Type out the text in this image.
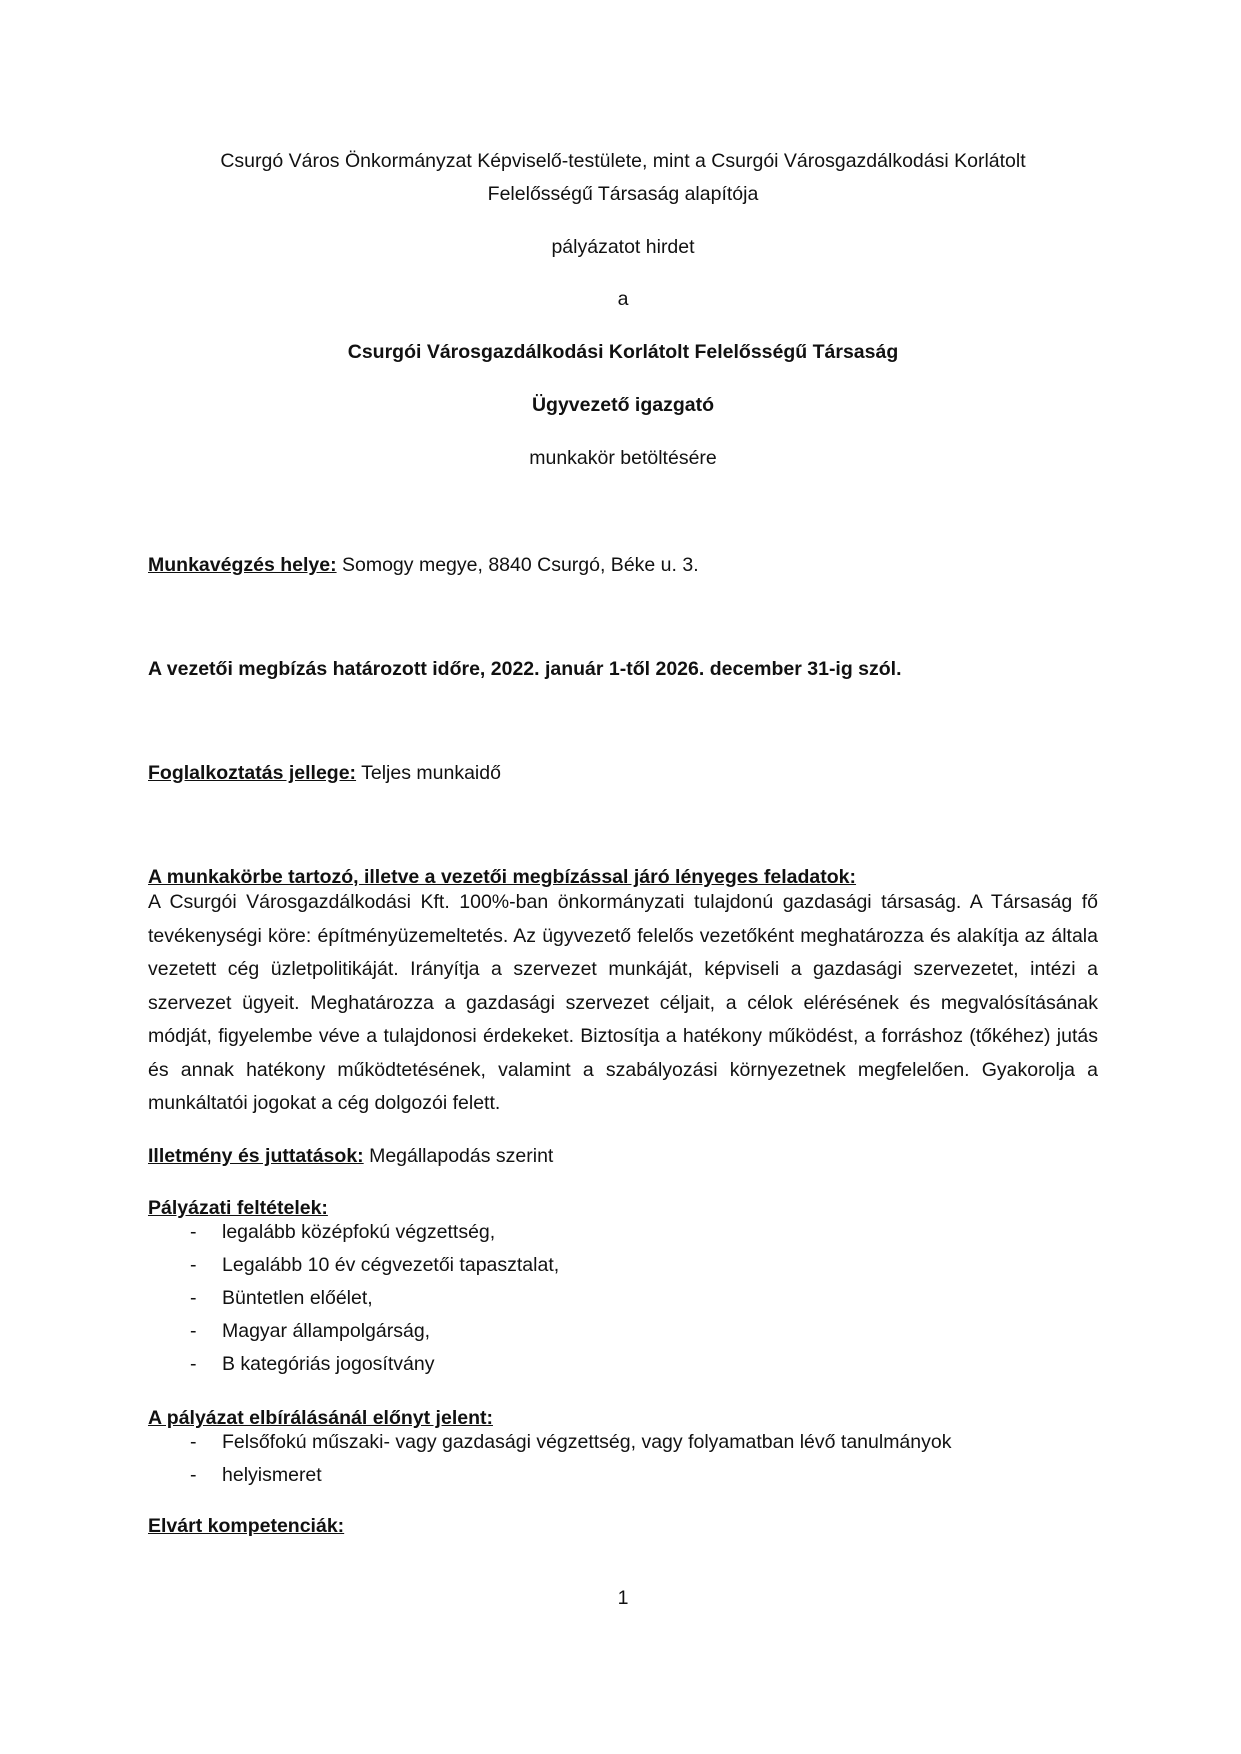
Csurgó Város Önkormányzat Képviselő-testülete, mint a Csurgói Városgazdálkodási Korlátolt
Felelősségű Társaság alapítója
pályázatot hirdet
a
Csurgói Városgazdálkodási Korlátolt Felelősségű Társaság
Ügyvezető igazgató
munkakör betöltésére
Munkavégzés helye: Somogy megye, 8840 Csurgó, Béke u. 3.
A vezetői megbízás határozott időre, 2022. január 1-től 2026. december 31-ig szól.
Foglalkoztatás jellege: Teljes munkaidő
A munkakörbe tartozó, illetve a vezetői megbízással járó lényeges feladatok:
A Csurgói Városgazdálkodási Kft. 100%-ban önkormányzati tulajdonú gazdasági társaság. A Társaság fő tevékenységi köre: építményüzemeltetés. Az ügyvezető felelős vezetőként meghatározza és alakítja az általa vezetett cég üzletpolitikáját. Irányítja a szervezet munkáját, képviseli a gazdasági szervezetet, intézi a szervezet ügyeit. Meghatározza a gazdasági szervezet céljait, a célok elérésének és megvalósításának módját, figyelembe véve a tulajdonosi érdekeket. Biztosítja a hatékony működést, a forráshoz (tőkéhez) jutás és annak hatékony működtetésének, valamint a szabályozási környezetnek megfelelően. Gyakorolja a munkáltatói jogokat a cég dolgozói felett.
Illetmény és juttatások: Megállapodás szerint
Pályázati feltételek:
- legalább középfokú végzettség,
- Legalább 10 év cégvezetői tapasztalat,
- Büntetlen előélet,
- Magyar állampolgárság,
- B kategóriás jogosítvány
A pályázat elbírálásánál előnyt jelent:
- Felsőfokú műszaki- vagy gazdasági végzettség, vagy folyamatban lévő tanulmányok
- helyismeret
Elvárt kompetenciák:
1
